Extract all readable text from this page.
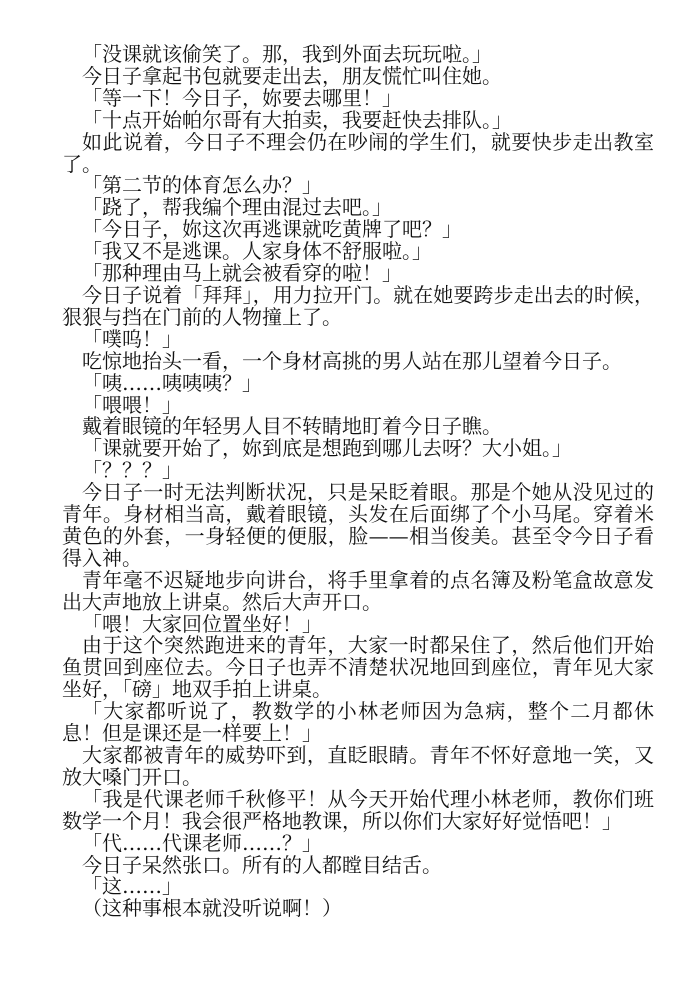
「没课就该偷笑了。那，我到外面去玩玩啦。」

今日子拿起书包就要走出去，朋友慌忙叫住她。

「等一下！今日子，妳要去哪里！」

「十点开始帕尔哥有大拍卖，我要赶快去排队。」

如此说着，今日子不理会仍在吵闹的学生们，就要快步走出教室了。

「第二节的体育怎么办？」

「跷了，帮我编个理由混过去吧。」

「今日子，妳这次再逃课就吃黄牌了吧？」

「我又不是逃课。人家身体不舒服啦。」

「那种理由马上就会被看穿的啦！」

今日子说着「拜拜」，用力拉开门。就在她要跨步走出去的时候，狠狠与挡在门前的人物撞上了。

「噗呜！」

吃惊地抬头一看，一个身材高挑的男人站在那儿望着今日子。

「咦……咦咦咦？」

「喂喂！」

戴着眼镜的年轻男人目不转睛地盯着今日子瞧。

「课就要开始了，妳到底是想跑到哪儿去呀？大小姐。」

「？？？」

今日子一时无法判断状况，只是呆眨着眼。那是个她从没见过的青年。身材相当高，戴着眼镜，头发在后面绑了个小马尾。穿着米黄色的外套，一身轻便的便服，脸——相当俊美。甚至令今日子看得入神。

青年毫不迟疑地步向讲台，将手里拿着的点名簿及粉笔盒故意发出大声地放上讲桌。然后大声开口。

「喂！大家回位置坐好！」

由于这个突然跑进来的青年，大家一时都呆住了，然后他们开始鱼贯回到座位去。今日子也弄不清楚状况地回到座位，青年见大家坐好，「磅」地双手拍上讲桌。

「大家都听说了，教数学的小林老师因为急病，整个二月都休息！但是课还是一样要上！」

大家都被青年的威势吓到，直眨眼睛。青年不怀好意地一笑，又放大嗓门开口。

「我是代课老师千秋修平！从今天开始代理小林老师，教你们班数学一个月！我会很严格地教课，所以你们大家好好觉悟吧！」

「代……代课老师……？」

今日子呆然张口。所有的人都瞠目结舌。

「这……」

（这种事根本就没听说啊！）
